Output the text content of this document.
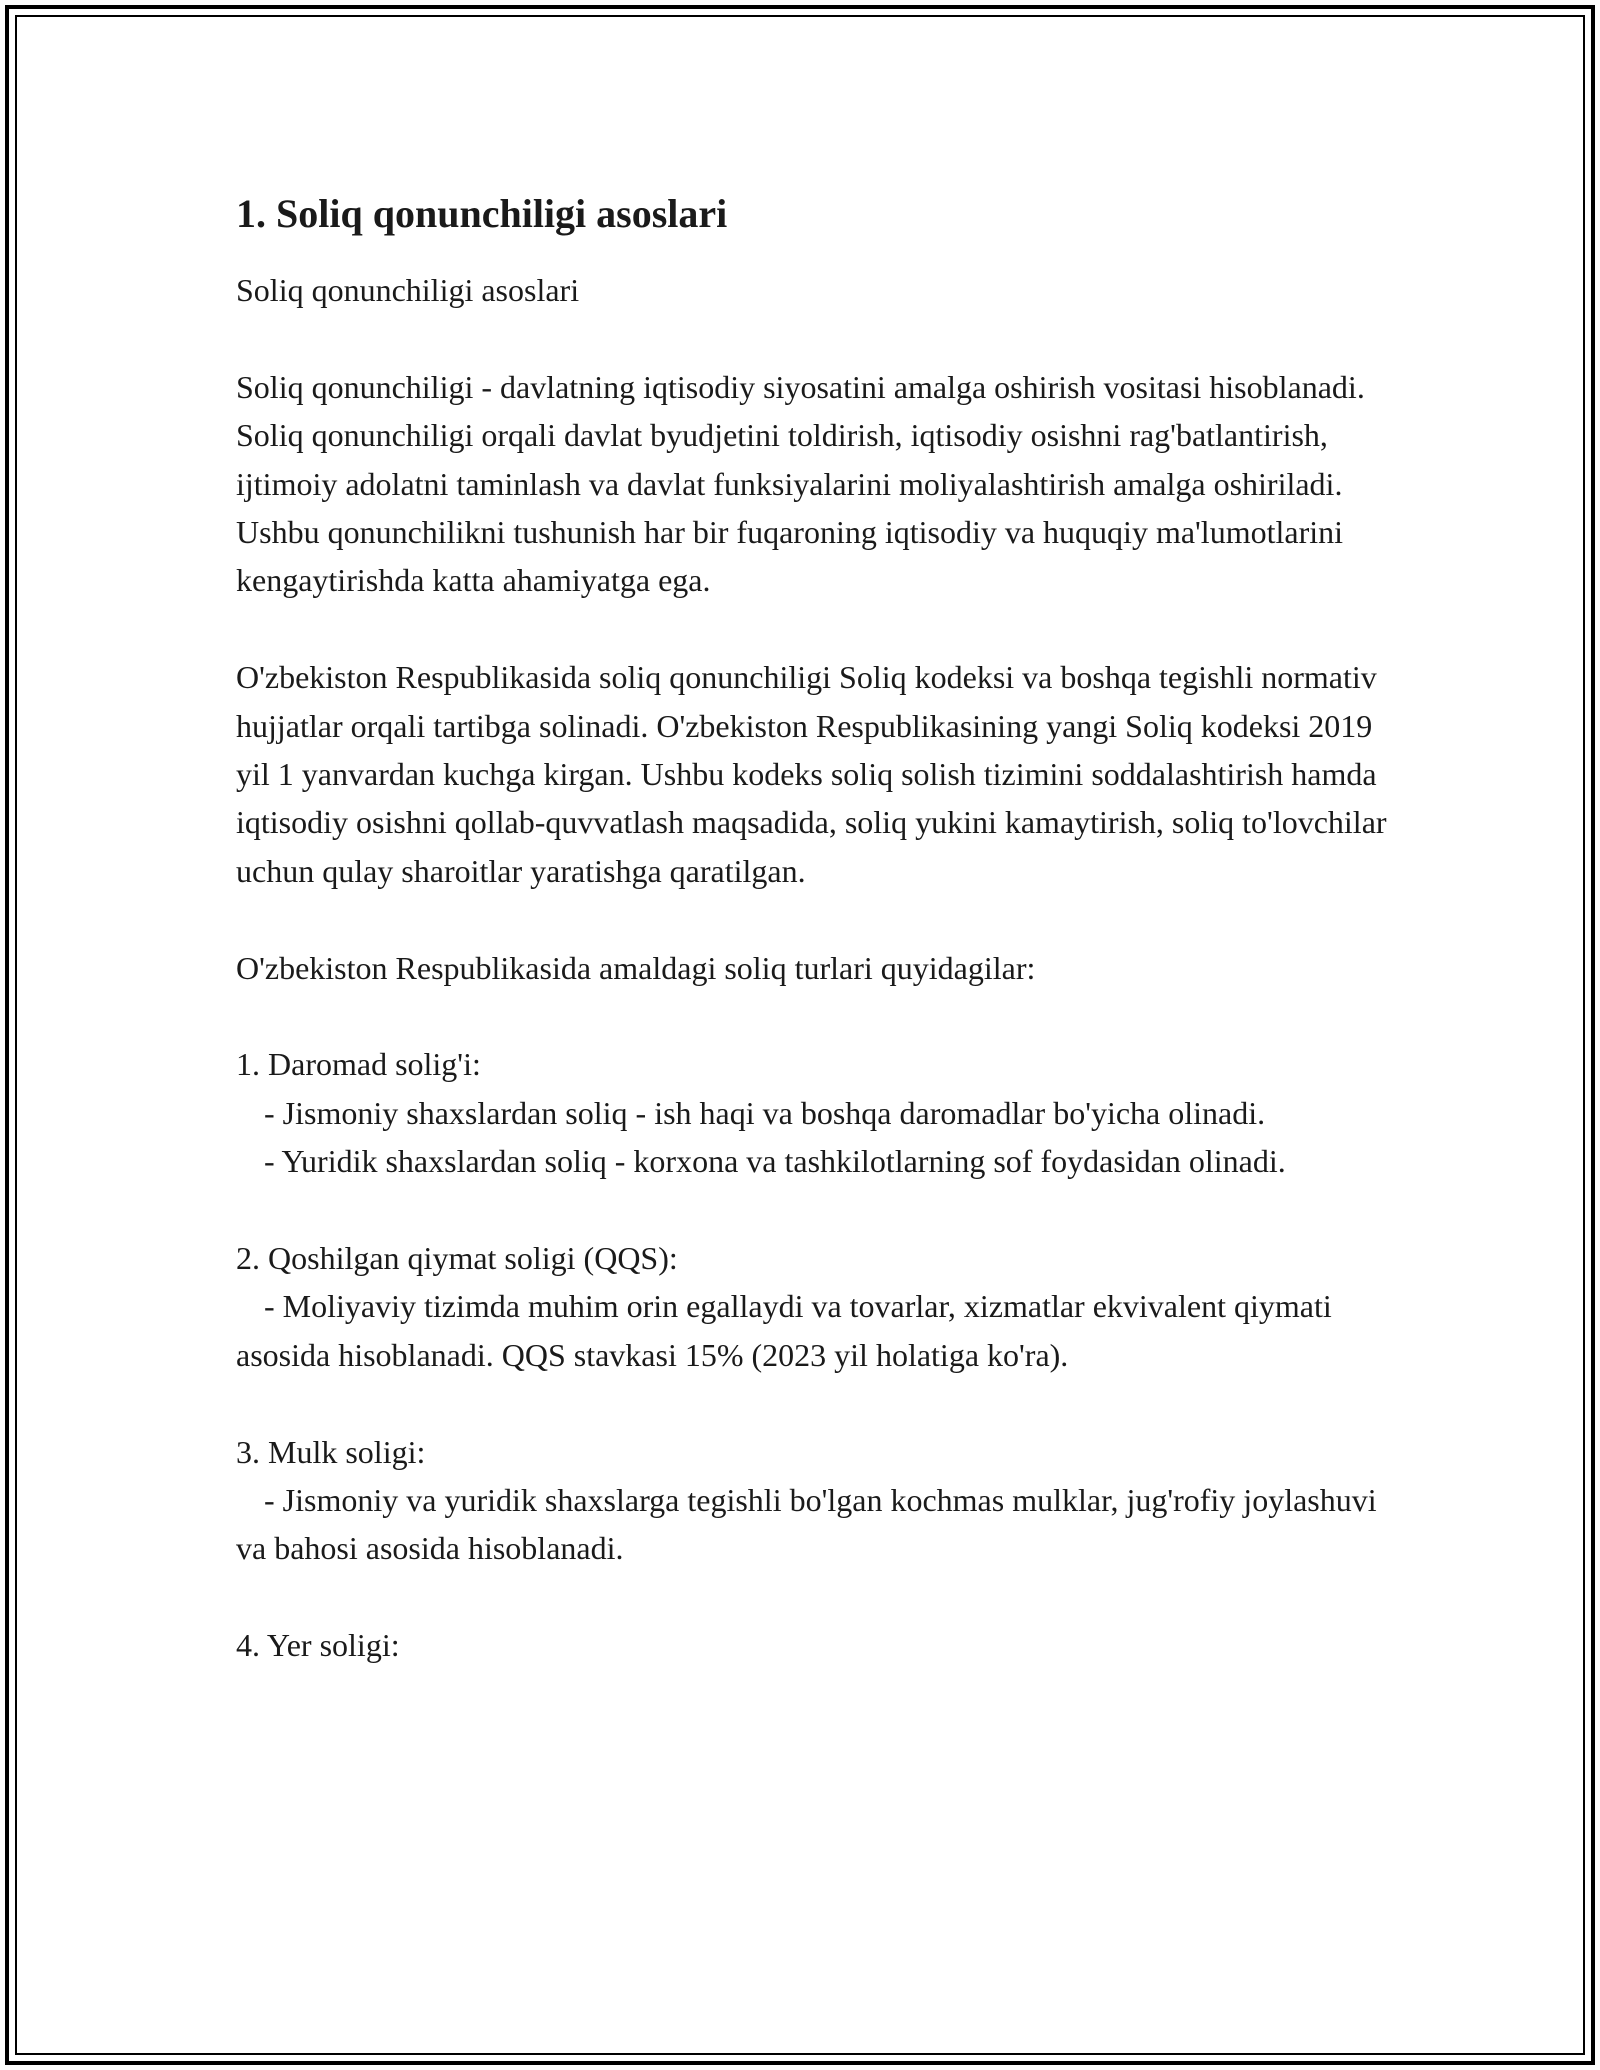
1. Soliq qonunchiligi asoslari

Soliq qonunchiligi asoslari

Soliq qonunchiligi - davlatning iqtisodiy siyosatini amalga oshirish vositasi hisoblanadi. Soliq qonunchiligi orqali davlat byudjetini toldirish, iqtisodiy osishni rag'batlantirish, ijtimoiy adolatni taminlash va davlat funksiyalarini moliyalashtirish amalga oshiriladi. Ushbu qonunchilikni tushunish har bir fuqaroning iqtisodiy va huquqiy ma'lumotlarini kengaytirishda katta ahamiyatga ega.

O'zbekiston Respublikasida soliq qonunchiligi Soliq kodeksi va boshqa tegishli normativ hujjatlar orqali tartibga solinadi. O'zbekiston Respublikasining yangi Soliq kodeksi 2019 yil 1 yanvardan kuchga kirgan. Ushbu kodeks soliq solish tizimini soddalashtirish hamda iqtisodiy osishni qollab-quvvatlash maqsadida, soliq yukini kamaytirish, soliq to'lovchilar uchun qulay sharoitlar yaratishga qaratilgan.

O'zbekiston Respublikasida amaldagi soliq turlari quyidagilar:

1. Daromad solig'i:

- Jismoniy shaxslardan soliq - ish haqi va boshqa daromadlar bo'yicha olinadi.

- Yuridik shaxslardan soliq - korxona va tashkilotlarning sof foydasidan olinadi.

2. Qoshilgan qiymat soligi (QQS):

- Moliyaviy tizimda muhim orin egallaydi va tovarlar, xizmatlar ekvivalent qiymati asosida hisoblanadi. QQS stavkasi 15% (2023 yil holatiga ko'ra).

3. Mulk soligi:

- Jismoniy va yuridik shaxslarga tegishli bo'lgan kochmas mulklar, jug'rofiy joylashuvi va bahosi asosida hisoblanadi.

4. Yer soligi:
